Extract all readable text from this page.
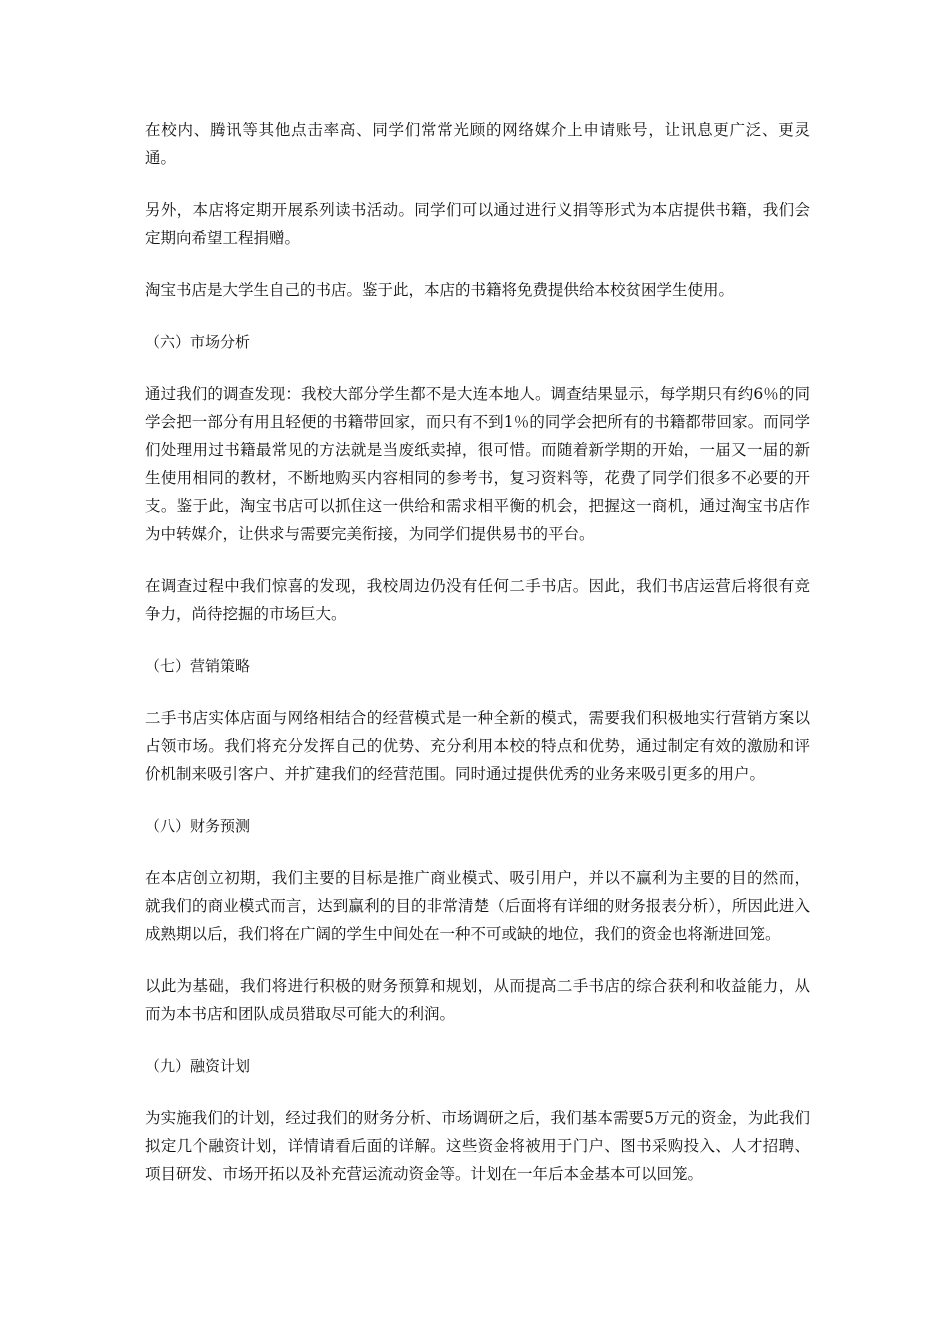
在校内、腾讯等其他点击率高、同学们常常光顾的网络媒介上申请账号，让讯息更广泛、更灵通。

另外，本店将定期开展系列读书活动。同学们可以通过进行义捐等形式为本店提供书籍，我们会定期向希望工程捐赠。

淘宝书店是大学生自己的书店。鉴于此，本店的书籍将免费提供给本校贫困学生使用。

（六）市场分析

通过我们的调查发现：我校大部分学生都不是大连本地人。调查结果显示，每学期只有约6％的同学会把一部分有用且轻便的书籍带回家，而只有不到1％的同学会把所有的书籍都带回家。而同学们处理用过书籍最常见的方法就是当废纸卖掉，很可惜。而随着新学期的开始，一届又一届的新生使用相同的教材，不断地购买内容相同的参考书，复习资料等，花费了同学们很多不必要的开支。鉴于此，淘宝书店可以抓住这一供给和需求相平衡的机会，把握这一商机，通过淘宝书店作为中转媒介，让供求与需要完美衔接，为同学们提供易书的平台。

在调查过程中我们惊喜的发现，我校周边仍没有任何二手书店。因此，我们书店运营后将很有竞争力，尚待挖掘的市场巨大。

（七）营销策略

二手书店实体店面与网络相结合的经营模式是一种全新的模式，需要我们积极地实行营销方案以占领市场。我们将充分发挥自己的优势、充分利用本校的特点和优势，通过制定有效的激励和评价机制来吸引客户、并扩建我们的经营范围。同时通过提供优秀的业务来吸引更多的用户。

（八）财务预测

在本店创立初期，我们主要的目标是推广商业模式、吸引用户，并以不赢利为主要的目的然而，就我们的商业模式而言，达到赢利的目的非常清楚（后面将有详细的财务报表分析），所因此进入成熟期以后，我们将在广阔的学生中间处在一种不可或缺的地位，我们的资金也将渐进回笼。

以此为基础，我们将进行积极的财务预算和规划，从而提高二手书店的综合获利和收益能力，从而为本书店和团队成员猎取尽可能大的利润。

（九）融资计划

为实施我们的计划，经过我们的财务分析、市场调研之后，我们基本需要5万元的资金，为此我们拟定几个融资计划，详情请看后面的详解。这些资金将被用于门户、图书采购投入、人才招聘、项目研发、市场开拓以及补充营运流动资金等。计划在一年后本金基本可以回笼。
